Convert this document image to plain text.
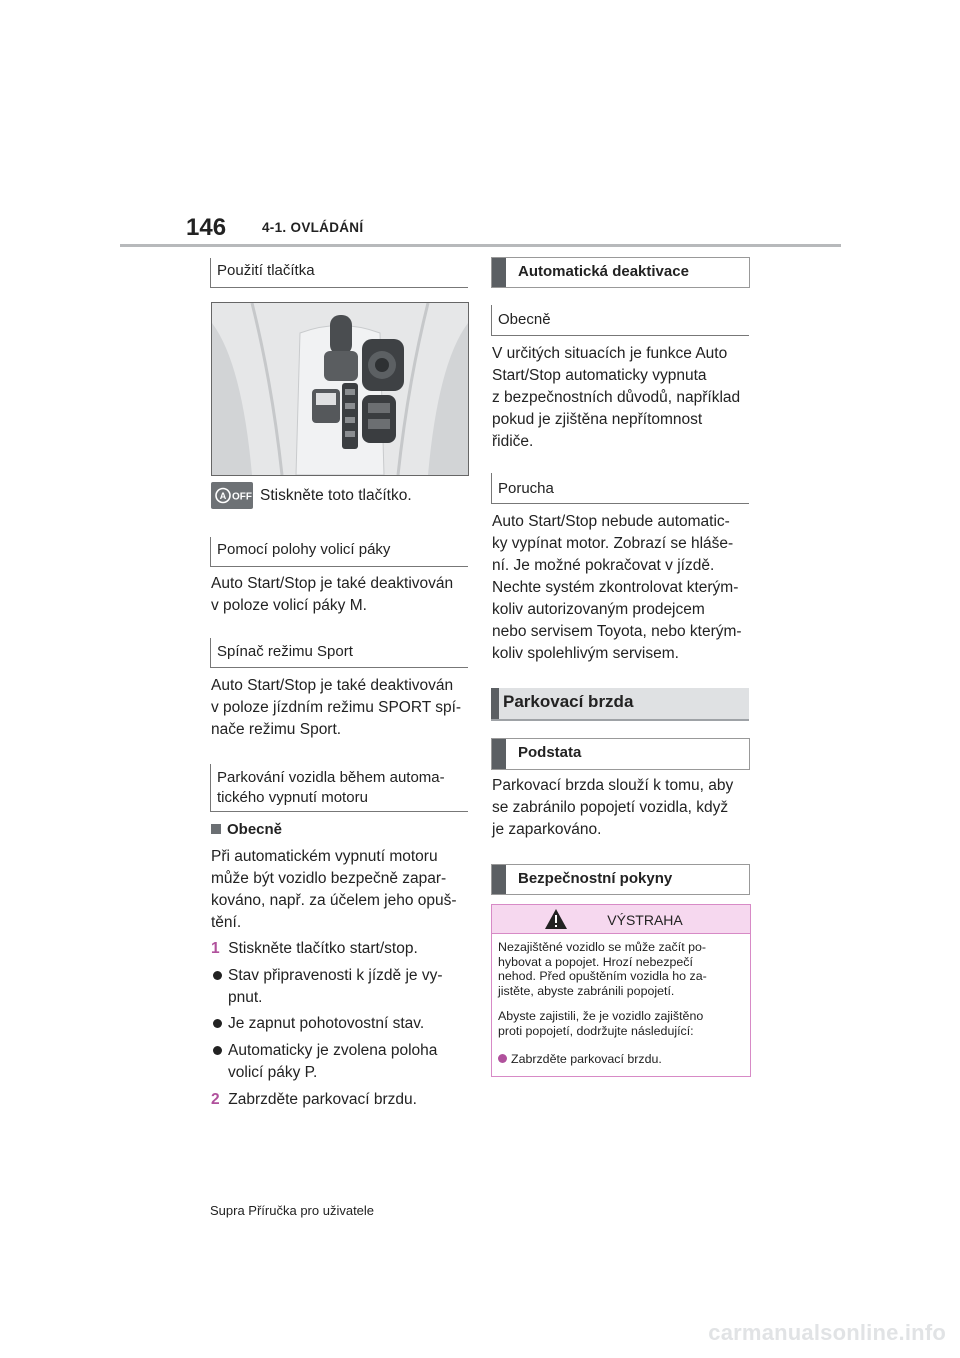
146	4-1. OVLÁDÁNÍ
Použití tlačítka
A OFF Stiskněte toto tlačítko.
Pomocí polohy volicí páky
Auto Start/Stop je také deaktivován
v poloze volicí páky M.
Spínač režimu Sport
Auto Start/Stop je také deaktivován
v poloze jízdním režimu SPORT spí-
nače režimu Sport.
Parkování vozidla během automa-
tického vypnutí motoru
Obecně
Při automatickém vypnutí motoru
může být vozidlo bezpečně zapar-
kováno, např. za účelem jeho opuš-
tění.
1 Stiskněte tlačítko start/stop.
Stav připravenosti k jízdě je vy-
pnut.
Je zapnut pohotovostní stav.
Automaticky je zvolena poloha
volicí páky P.
2 Zabrzděte parkovací brzdu.
Automatická deaktivace
Obecně
V určitých situacích je funkce Auto
Start/Stop automaticky vypnuta
z bezpečnostních důvodů, například
pokud je zjištěna nepřítomnost
řidiče.
Porucha
Auto Start/Stop nebude automatic-
ky vypínat motor. Zobrazí se hláše-
ní. Je možné pokračovat v jízdě.
Nechte systém zkontrolovat kterým-
koliv autorizovaným prodejcem
nebo servisem Toyota, nebo kterým-
koliv spolehlivým servisem.
Parkovací brzda
Podstata
Parkovací brzda slouží k tomu, aby
se zabránilo popojetí vozidla, když
je zaparkováno.
Bezpečnostní pokyny
VÝSTRAHA
Nezajištěné vozidlo se může začít po-
hybovat a popojet. Hrozí nebezpečí
nehod. Před opuštěním vozidla ho za-
jistěte, abyste zabránili popojetí.
Abyste zajistili, že je vozidlo zajištěno
proti popojetí, dodržujte následující:
Zabrzděte parkovací brzdu.
Supra Příručka pro uživatele
carmanualsonline.info
